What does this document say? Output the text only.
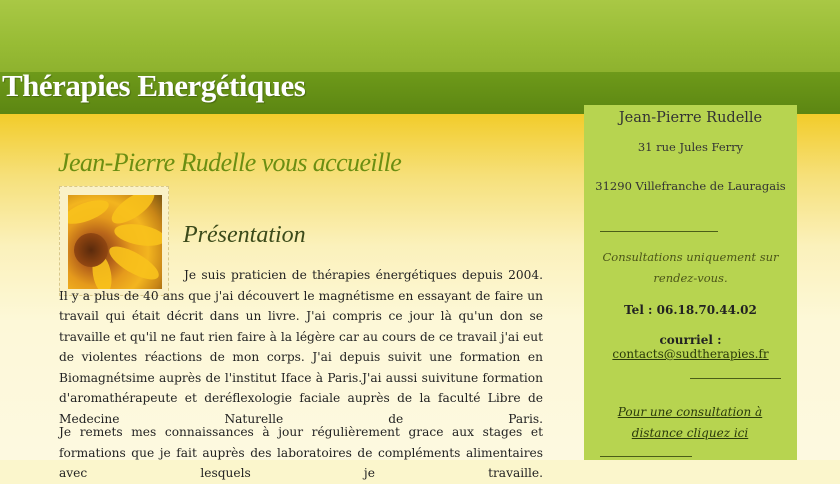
Thérapies Energétiques
Jean-Pierre Rudelle vous accueille
Présentation

Je suis praticien de thérapies énergétiques depuis 2004. Il y a plus de 40 ans que j'ai découvert le magnétisme en essayant de faire un travail qui était décrit dans un livre. J'ai compris ce jour là qu'un don se travaille et qu'il ne faut rien faire à la légère car au cours de ce travail j'ai eut de violentes réactions de mon corps. J'ai depuis suivit une formation en Biomagnétsime auprès de l'institut Iface à Paris.J'ai aussi suivitune formation d'aromathérapeute et deréflexologie faciale auprès de la faculté Libre de Medecine Naturelle de Paris.

Je remets mes connaissances à jour régulièrement grace aux stages et formations que je fait auprès des laboratoires de compléments alimentaires avec lesquels je travaille.

Jean-Pierre Rudelle
31 rue Jules Ferry
31290 Villefranche de Lauragais
Consultations uniquement sur rendez-vous.
Tel : 06.18.70.44.02
courriel :
contacts@sudtherapies.fr
Pour une consultation à distance cliquez ici
